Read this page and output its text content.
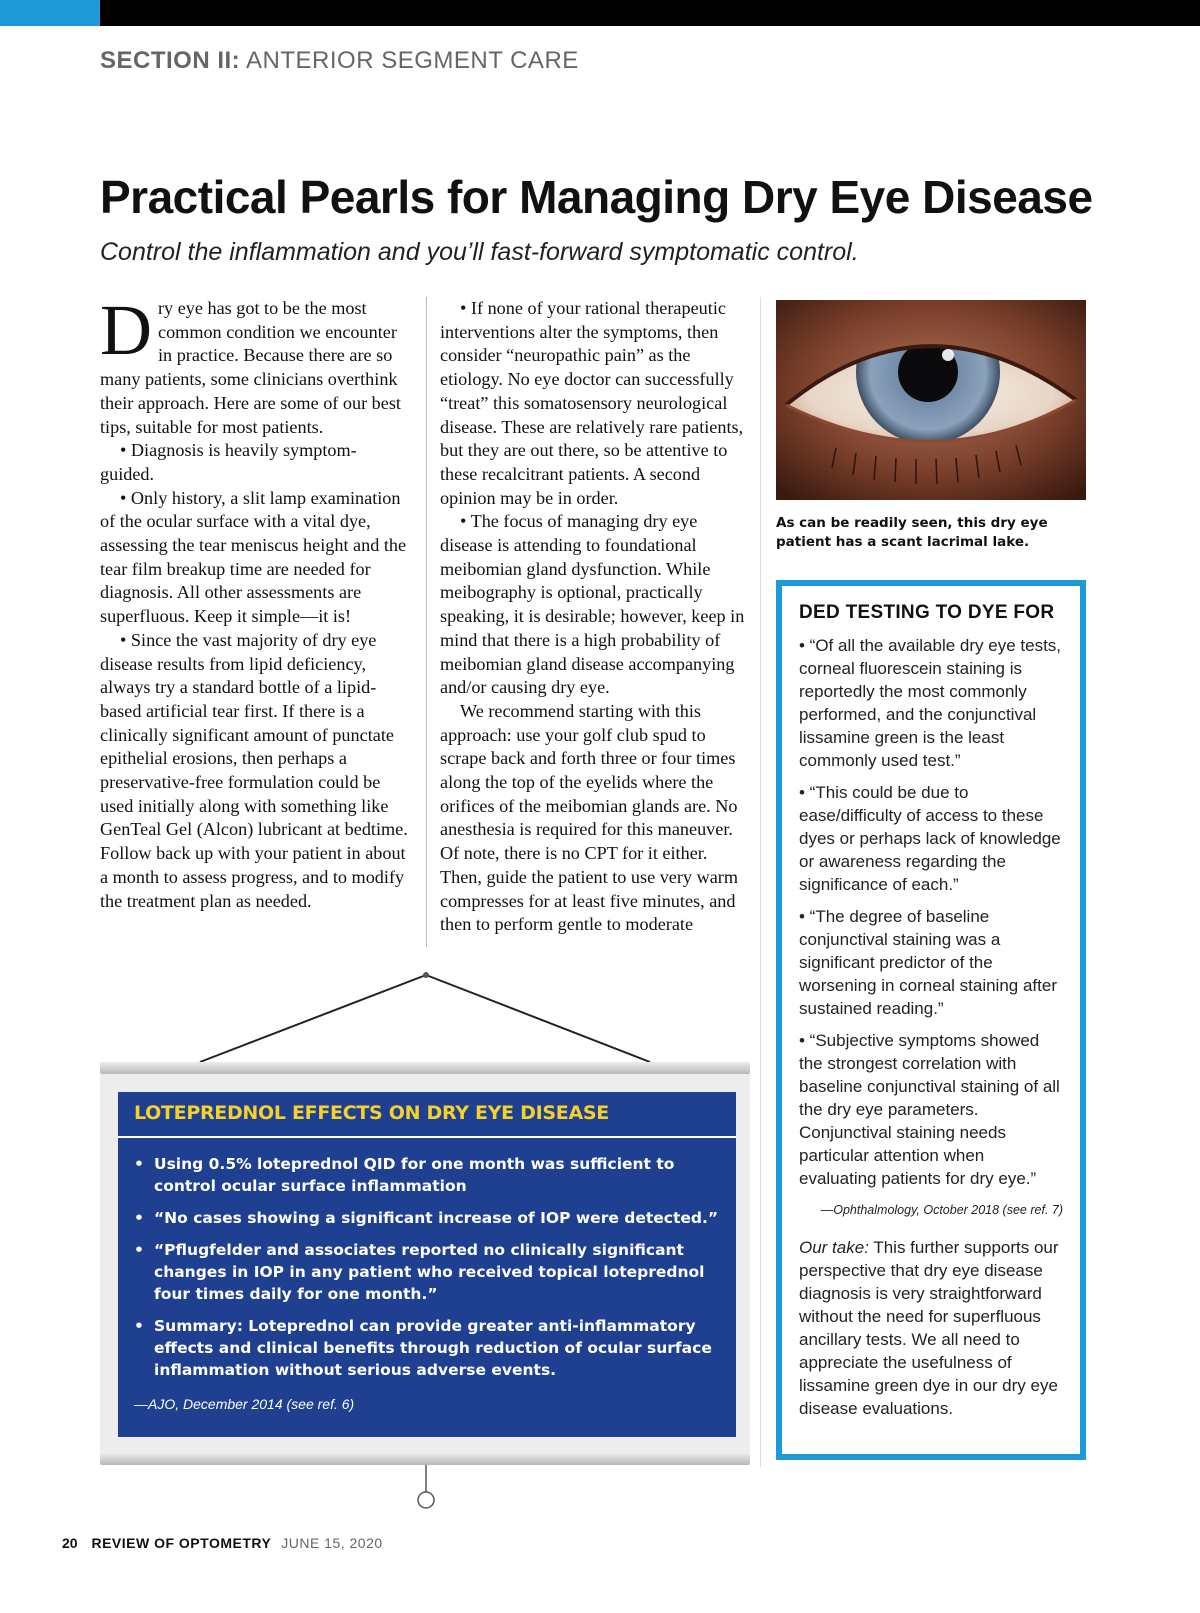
SECTION II: ANTERIOR SEGMENT CARE
Practical Pearls for Managing Dry Eye Disease
Control the inflammation and you’ll fast-forward symptomatic control.

Dry eye has got to be the most common condition we encounter in practice. Because there are so many patients, some clinicians overthink their approach. Here are some of our best tips, suitable for most patients.

• Diagnosis is heavily symptom-guided.

• Only history, a slit lamp examination of the ocular surface with a vital dye, assessing the tear meniscus height and the tear film breakup time are needed for diagnosis. All other assessments are superfluous. Keep it simple—it is!

• Since the vast majority of dry eye disease results from lipid deficiency, always try a standard bottle of a lipid-based artificial tear first. If there is a clinically significant amount of punctate epithelial erosions, then perhaps a preservative-free formulation could be used initially along with something like GenTeal Gel (Alcon) lubricant at bedtime. Follow back up with your patient in about a month to assess progress, and to modify the treatment plan as needed.

• If none of your rational therapeutic interventions alter the symptoms, then consider “neuropathic pain” as the etiology. No eye doctor can successfully “treat” this somatosensory neurological disease. These are relatively rare patients, but they are out there, so be attentive to these recalcitrant patients. A second opinion may be in order.

• The focus of managing dry eye disease is attending to foundational meibomian gland dysfunction. While meibography is optional, practically speaking, it is desirable; however, keep in mind that there is a high probability of meibomian gland disease accompanying and/or causing dry eye.

We recommend starting with this approach: use your golf club spud to scrape back and forth three or four times along the top of the eyelids where the orifices of the meibomian glands are. No anesthesia is required for this maneuver. Of note, there is no CPT for it either. Then, guide the patient to use very warm compresses for at least five minutes, and then to perform gentle to moderate

As can be readily seen, this dry eye patient has a scant lacrimal lake.
DED TESTING TO DYE FOR

• “Of all the available dry eye tests, corneal fluorescein staining is reportedly the most commonly performed, and the conjunctival lissamine green is the least commonly used test.”

• “This could be due to ease/difficulty of access to these dyes or perhaps lack of knowledge or awareness regarding the significance of each.”

• “The degree of baseline conjunctival staining was a significant predictor of the worsening in corneal staining after sustained reading.”

• “Subjective symptoms showed the strongest correlation with baseline conjunctival staining of all the dry eye parameters. Conjunctival staining needs particular attention when evaluating patients for dry eye.”

—Ophthalmology, October 2018 (see ref. 7)

Our take: This further supports our perspective that dry eye disease diagnosis is very straightforward without the need for superfluous ancillary tests. We all need to appreciate the usefulness of lissamine green dye in our dry eye disease evaluations.

LOTEPREDNOL EFFECTS ON DRY EYE DISEASE
• Using 0.5% loteprednol QID for one month was sufficient to control ocular surface inflammation
• “No cases showing a significant increase of IOP were detected.”
• “Pflugfelder and associates reported no clinically significant changes in IOP in any patient who received topical loteprednol four times daily for one month.”
• Summary: Loteprednol can provide greater anti-inflammatory effects and clinical benefits through reduction of ocular surface inflammation without serious adverse events.
—AJO, December 2014 (see ref. 6)
20 REVIEW OF OPTOMETRY JUNE 15, 2020
